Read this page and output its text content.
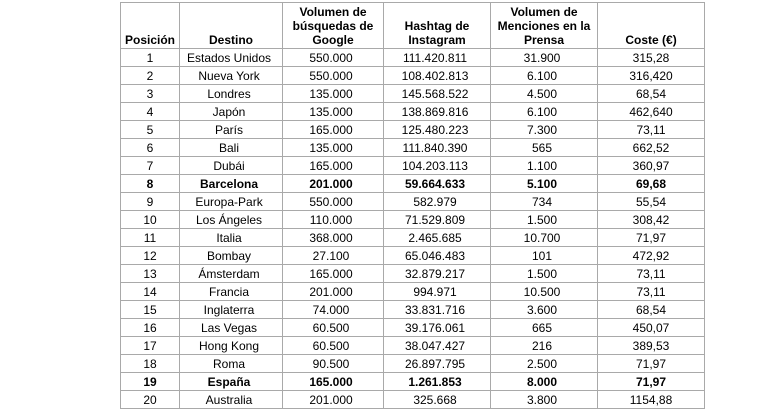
Posición	Destino	Volumen de búsquedas de Google	Hashtag de Instagram	Volumen de Menciones en la Prensa	Coste (€)
1	Estados Unidos	550.000	111.420.811	31.900	315,28
2	Nueva York	550.000	108.402.813	6.100	316,420
3	Londres	135.000	145.568.522	4.500	68,54
4	Japón	135.000	138.869.816	6.100	462,640
5	París	165.000	125.480.223	7.300	73,11
6	Bali	135.000	111.840.390	565	662,52
7	Dubái	165.000	104.203.113	1.100	360,97
8	Barcelona	201.000	59.664.633	5.100	69,68
9	Europa-Park	550.000	582.979	734	55,54
10	Los Ángeles	110.000	71.529.809	1.500	308,42
11	Italia	368.000	2.465.685	10.700	71,97
12	Bombay	27.100	65.046.483	101	472,92
13	Ámsterdam	165.000	32.879.217	1.500	73,11
14	Francia	201.000	994.971	10.500	73,11
15	Inglaterra	74.000	33.831.716	3.600	68,54
16	Las Vegas	60.500	39.176.061	665	450,07
17	Hong Kong	60.500	38.047.427	216	389,53
18	Roma	90.500	26.897.795	2.500	71,97
19	España	165.000	1.261.853	8.000	71,97
20	Australia	201.000	325.668	3.800	1154,88
